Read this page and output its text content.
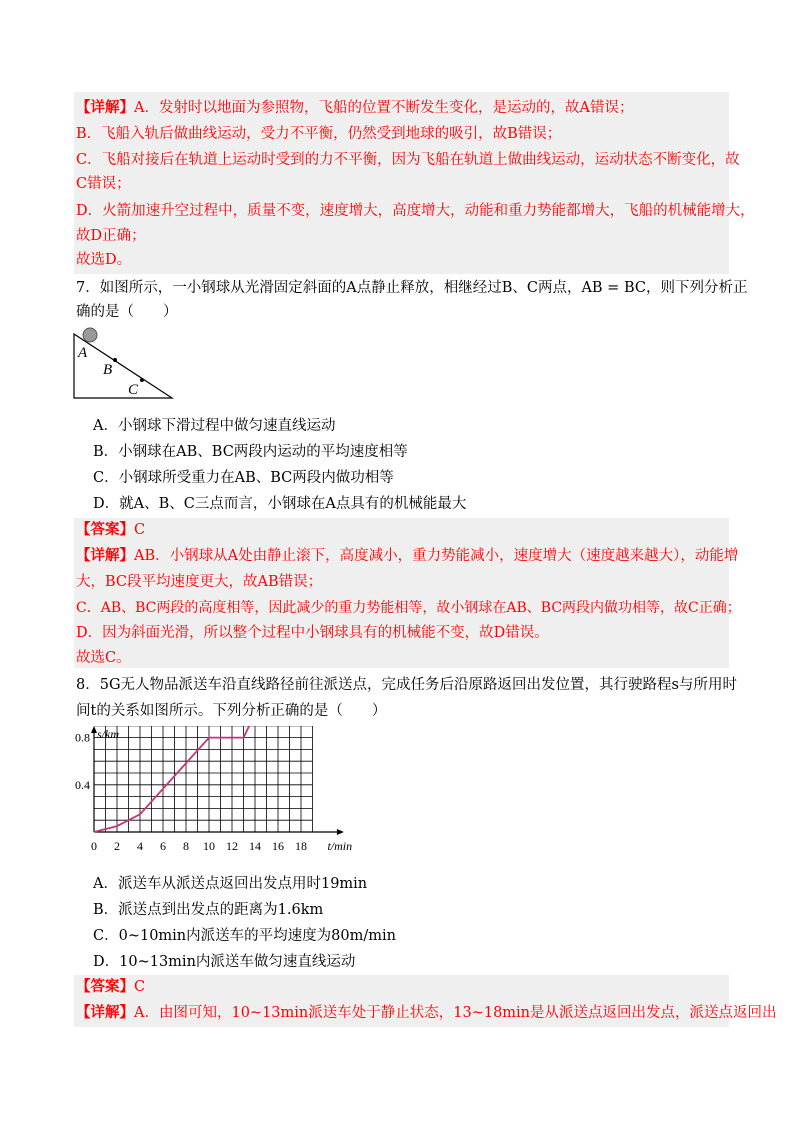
【详解】A．发射时以地面为参照物，飞船的位置不断发生变化，是运动的，故A错误；
B．飞船入轨后做曲线运动，受力不平衡，仍然受到地球的吸引，故B错误；
C．飞船对接后在轨道上运动时受到的力不平衡，因为飞船在轨道上做曲线运动，运动状态不断变化，故
C错误；
D．火箭加速升空过程中，质量不变，速度增大，高度增大，动能和重力势能都增大，飞船的机械能增大，
故D正确；
故选D。
7．如图所示，一小钢球从光滑固定斜面的A点静止释放，相继经过B、C两点，AB = BC，则下列分析正
确的是（　　）
A
B
C
A．小钢球下滑过程中做匀速直线运动
B．小钢球在AB、BC两段内运动的平均速度相等
C．小钢球所受重力在AB、BC两段内做功相等
D．就A、B、C三点而言，小钢球在A点具有的机械能最大
【答案】C
【详解】AB．小钢球从A处由静止滚下，高度减小，重力势能减小，速度增大（速度越来越大），动能增
大，BC段平均速度更大，故AB错误；
C．AB、BC两段的高度相等，因此减少的重力势能相等，故小钢球在AB、BC两段内做功相等，故C正确；
D．因为斜面光滑，所以整个过程中小钢球具有的机械能不变，故D错误。
故选C。
8．5G无人物品派送车沿直线路径前往派送点，完成任务后沿原路返回出发位置，其行驶路程s与所用时
间t的关系如图所示。下列分析正确的是（　　）
0 2 4 6 8 10 12 14 16 18
0.4
0.8
t/min
s/km
A．派送车从派送点返回出发点用时19min
B．派送点到出发点的距离为1.6km
C．0~10min内派送车的平均速度为80m/min
D．10~13min内派送车做匀速直线运动
【答案】C
【详解】A．由图可知，10~13min派送车处于静止状态，13~18min是从派送点返回出发点，派送点返回出
